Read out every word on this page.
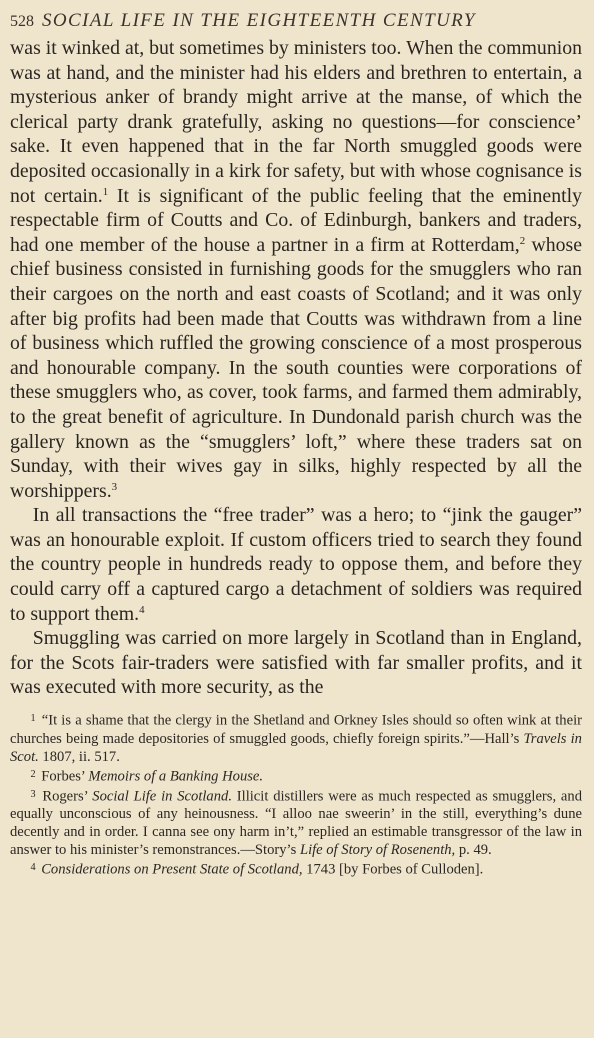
528 SOCIAL LIFE IN THE EIGHTEENTH CENTURY

was it winked at, but sometimes by ministers too. When the communion was at hand, and the minister had his elders and brethren to entertain, a mysterious anker of brandy might arrive at the manse, of which the clerical party drank gratefully, asking no questions—for conscience’ sake. It even happened that in the far North smuggled goods were deposited occasionally in a kirk for safety, but with whose cognisance is not certain.$^1$ It is significant of the public feeling that the eminently respectable firm of Coutts and Co. of Edinburgh, bankers and traders, had one member of the house a partner in a firm at Rotterdam,$^2$ whose chief business consisted in furnishing goods for the smugglers who ran their cargoes on the north and east coasts of Scotland; and it was only after big profits had been made that Coutts was withdrawn from a line of business which ruffled the growing conscience of a most prosperous and honourable company. In the south counties were corporations of these smugglers who, as cover, took farms, and farmed them admirably, to the great benefit of agriculture. In Dundonald parish church was the gallery known as the “smugglers’ loft,” where these traders sat on Sunday, with their wives gay in silks, highly respected by all the worshippers.$^3$

In all transactions the “free trader” was a hero; to “jink the gauger” was an honourable exploit. If custom officers tried to search they found the country people in hundreds ready to oppose them, and before they could carry off a captured cargo a detachment of soldiers was required to support them.$^4$

Smuggling was carried on more largely in Scotland than in England, for the Scots fair-traders were satisfied with far smaller profits, and it was executed with more security, as the

$^1$ “It is a shame that the clergy in the Shetland and Orkney Isles should so often wink at their churches being made depositories of smuggled goods, chiefly foreign spirits.”—Hall’s Travels in Scot. 1807, ii. 517.

$^2$ Forbes’ Memoirs of a Banking House.

$^3$ Rogers’ Social Life in Scotland. Illicit distillers were as much respected as smugglers, and equally unconscious of any heinousness. “I alloo nae sweerin’ in the still, everything’s dune decently and in order. I canna see ony harm in’t,” replied an estimable transgressor of the law in answer to his minister’s remonstrances.—Story’s Life of Story of Rosenenth, p. 49.

$^4$ Considerations on Present State of Scotland, 1743 [by Forbes of Culloden].
